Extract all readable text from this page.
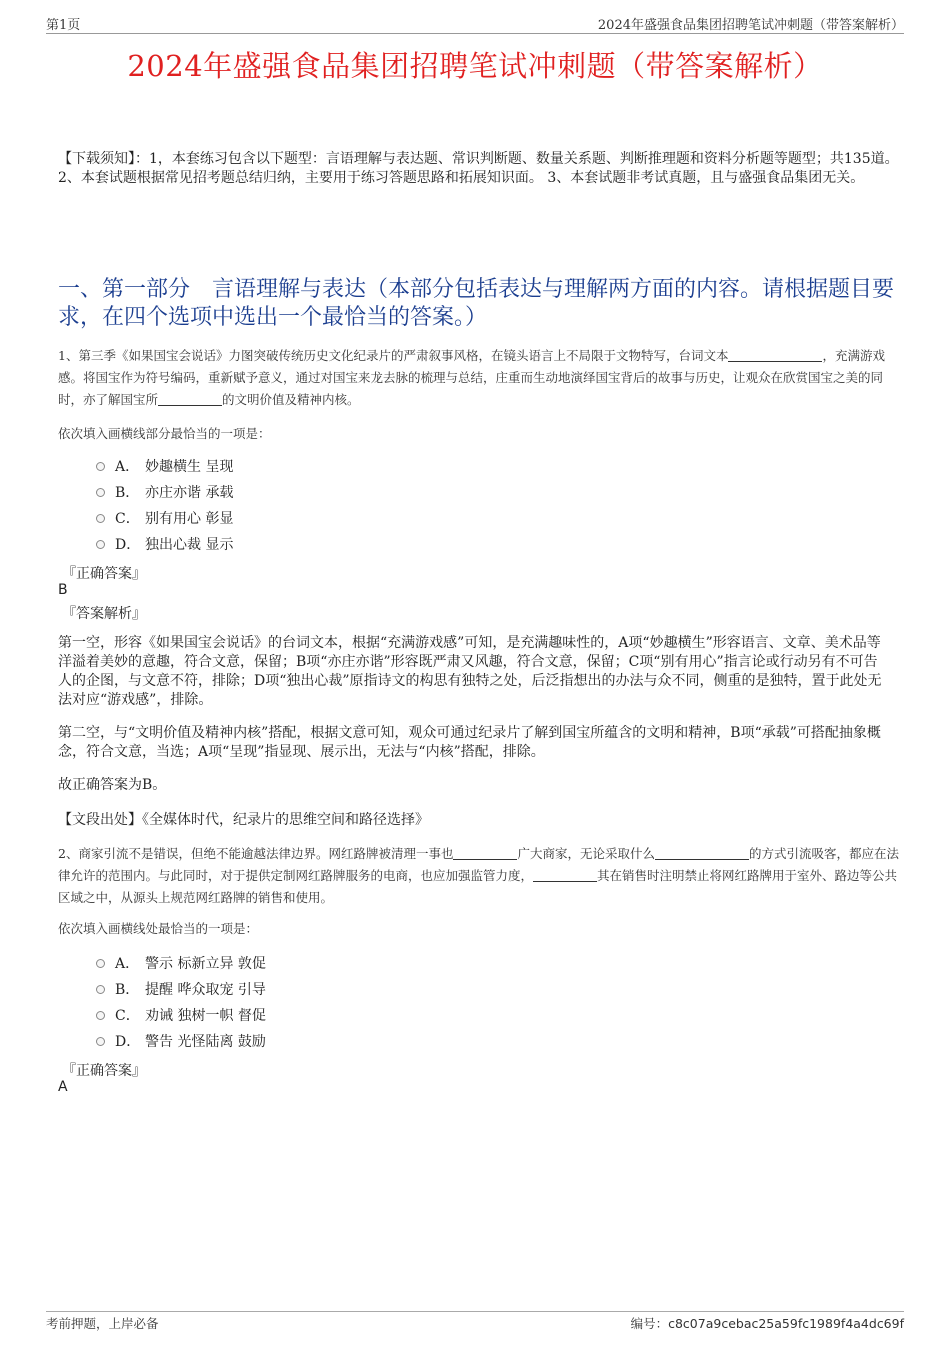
第1页	2024年盛强食品集团招聘笔试冲刺题（带答案解析）
2024年盛强食品集团招聘笔试冲刺题（带答案解析）
【下载须知】：1，本套练习包含以下题型：言语理解与表达题、常识判断题、数量关系题、判断推理题和资料分析题等题型；共135道。 2、本套试题根据常见招考题总结归纳，主要用于练习答题思路和拓展知识面。 3、本套试题非考试真题，且与盛强食品集团无关。
一、第一部分　言语理解与表达（本部分包括表达与理解两方面的内容。请根据题目要求，在四个选项中选出一个最恰当的答案。）
1、第三季《如果国宝会说话》力图突破传统历史文化纪录片的严肃叙事风格，在镜头语言上不局限于文物特写，台词文本	，充满游戏感。将国宝作为符号编码，重新赋予意义，通过对国宝来龙去脉的梳理与总结，庄重而生动地演绎国宝背后的故事与历史，让观众在欣赏国宝之美的同时，亦了解国宝所	的文明价值及精神内核。
依次填入画横线部分最恰当的一项是：
A． 妙趣横生 呈现
B． 亦庄亦谐 承载
C． 别有用心 彰显
D． 独出心裁 显示
『正确答案』
B
『答案解析』
第一空，形容《如果国宝会说话》的台词文本，根据“充满游戏感”可知，是充满趣味性的，A项“妙趣横生”形容语言、文章、美术品等洋溢着美妙的意趣，符合文意，保留；B项“亦庄亦谐”形容既严肃又风趣，符合文意，保留；C项“别有用心”指言论或行动另有不可告人的企图，与文意不符，排除；D项“独出心裁”原指诗文的构思有独特之处，后泛指想出的办法与众不同，侧重的是独特，置于此处无法对应“游戏感”，排除。
第二空，与“文明价值及精神内核”搭配，根据文意可知，观众可通过纪录片了解到国宝所蕴含的文明和精神，B项“承载”可搭配抽象概念，符合文意，当选；A项“呈现”指显现、展示出，无法与“内核”搭配，排除。
故正确答案为B。
【文段出处】《全媒体时代，纪录片的思维空间和路径选择》
2、商家引流不是错误，但绝不能逾越法律边界。网红路牌被清理一事也	广大商家，无论采取什么	的方式引流吸客，都应在法律允许的范围内。与此同时，对于提供定制网红路牌服务的电商，也应加强监管力度，	其在销售时注明禁止将网红路牌用于室外、路边等公共区域之中，从源头上规范网红路牌的销售和使用。
依次填入画横线处最恰当的一项是：
A． 警示 标新立异 敦促
B． 提醒 哗众取宠 引导
C． 劝诫 独树一帜 督促
D． 警告 光怪陆离 鼓励
『正确答案』
A
考前押题，上岸必备	编号：c8c07a9cebac25a59fc1989f4a4dc69f
